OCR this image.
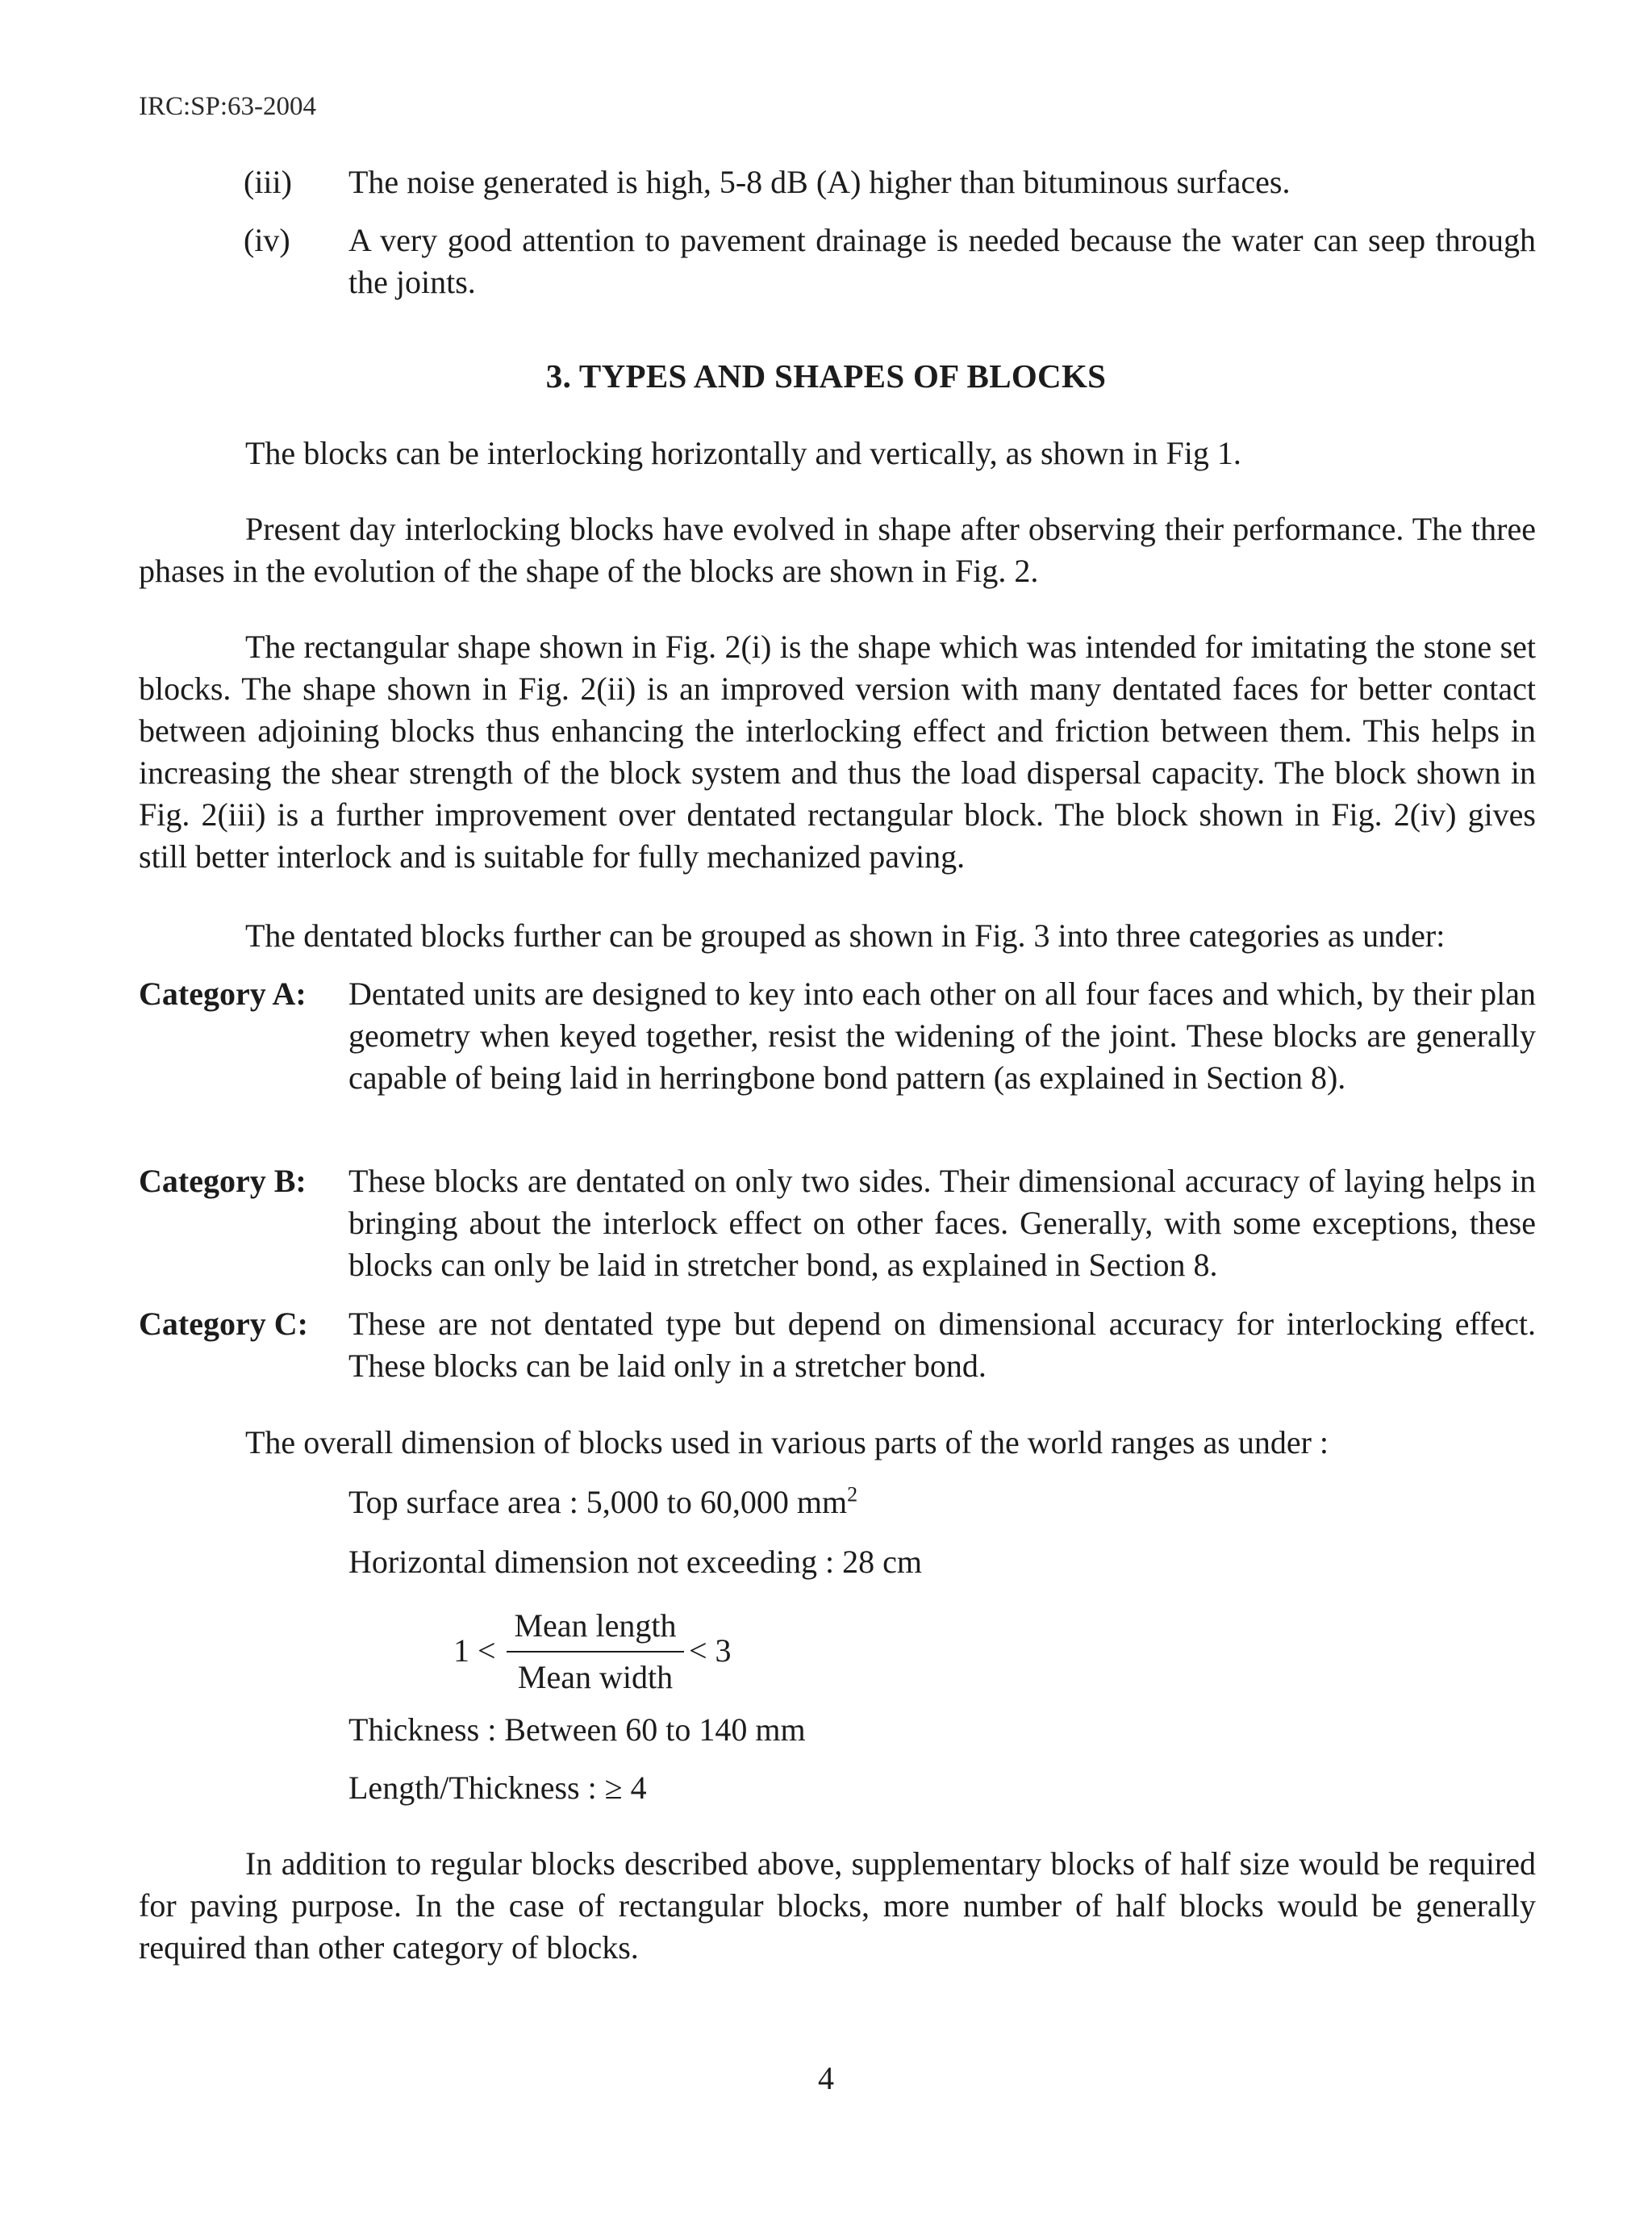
IRC:SP:63-2004
(iii)	The noise generated is high, 5-8 dB (A) higher than bituminous surfaces.
(iv)	A very good attention to pavement drainage is needed because the water can seep through the joints.
3. TYPES AND SHAPES OF BLOCKS
The blocks can be interlocking horizontally and vertically, as shown in Fig 1.
Present day interlocking blocks have evolved in shape after observing their performance. The three phases in the evolution of the shape of the blocks are shown in Fig. 2.
The rectangular shape shown in Fig. 2(i) is the shape which was intended for imitating the stone set blocks. The shape shown in Fig. 2(ii) is an improved version with many dentated faces for better contact between adjoining blocks thus enhancing the interlocking effect and friction between them. This helps in increasing the shear strength of the block system and thus the load dispersal capacity. The block shown in Fig. 2(iii) is a further improvement over dentated rectangular block. The block shown in Fig. 2(iv) gives still better interlock and is suitable for fully mechanized paving.
The dentated blocks further can be grouped as shown in Fig. 3 into three categories as under:
Category A: Dentated units are designed to key into each other on all four faces and which, by their plan geometry when keyed together, resist the widening of the joint. These blocks are generally capable of being laid in herringbone bond pattern (as explained in Section 8).
Category B: These blocks are dentated on only two sides. Their dimensional accuracy of laying helps in bringing about the interlock effect on other faces. Generally, with some exceptions, these blocks can only be laid in stretcher bond, as explained in Section 8.
Category C: These are not dentated type but depend on dimensional accuracy for interlocking effect. These blocks can be laid only in a stretcher bond.
The overall dimension of blocks used in various parts of the world ranges as under :
Top surface area : 5,000 to 60,000 $mm^2$
Horizontal dimension not exceeding : 28 cm
1 <
Mean length
Mean width
< 3
Thickness : Between 60 to 140 mm
Length/Thickness : ≥ 4
In addition to regular blocks described above, supplementary blocks of half size would be required for paving purpose. In the case of rectangular blocks, more number of half blocks would be generally required than other category of blocks.
4
